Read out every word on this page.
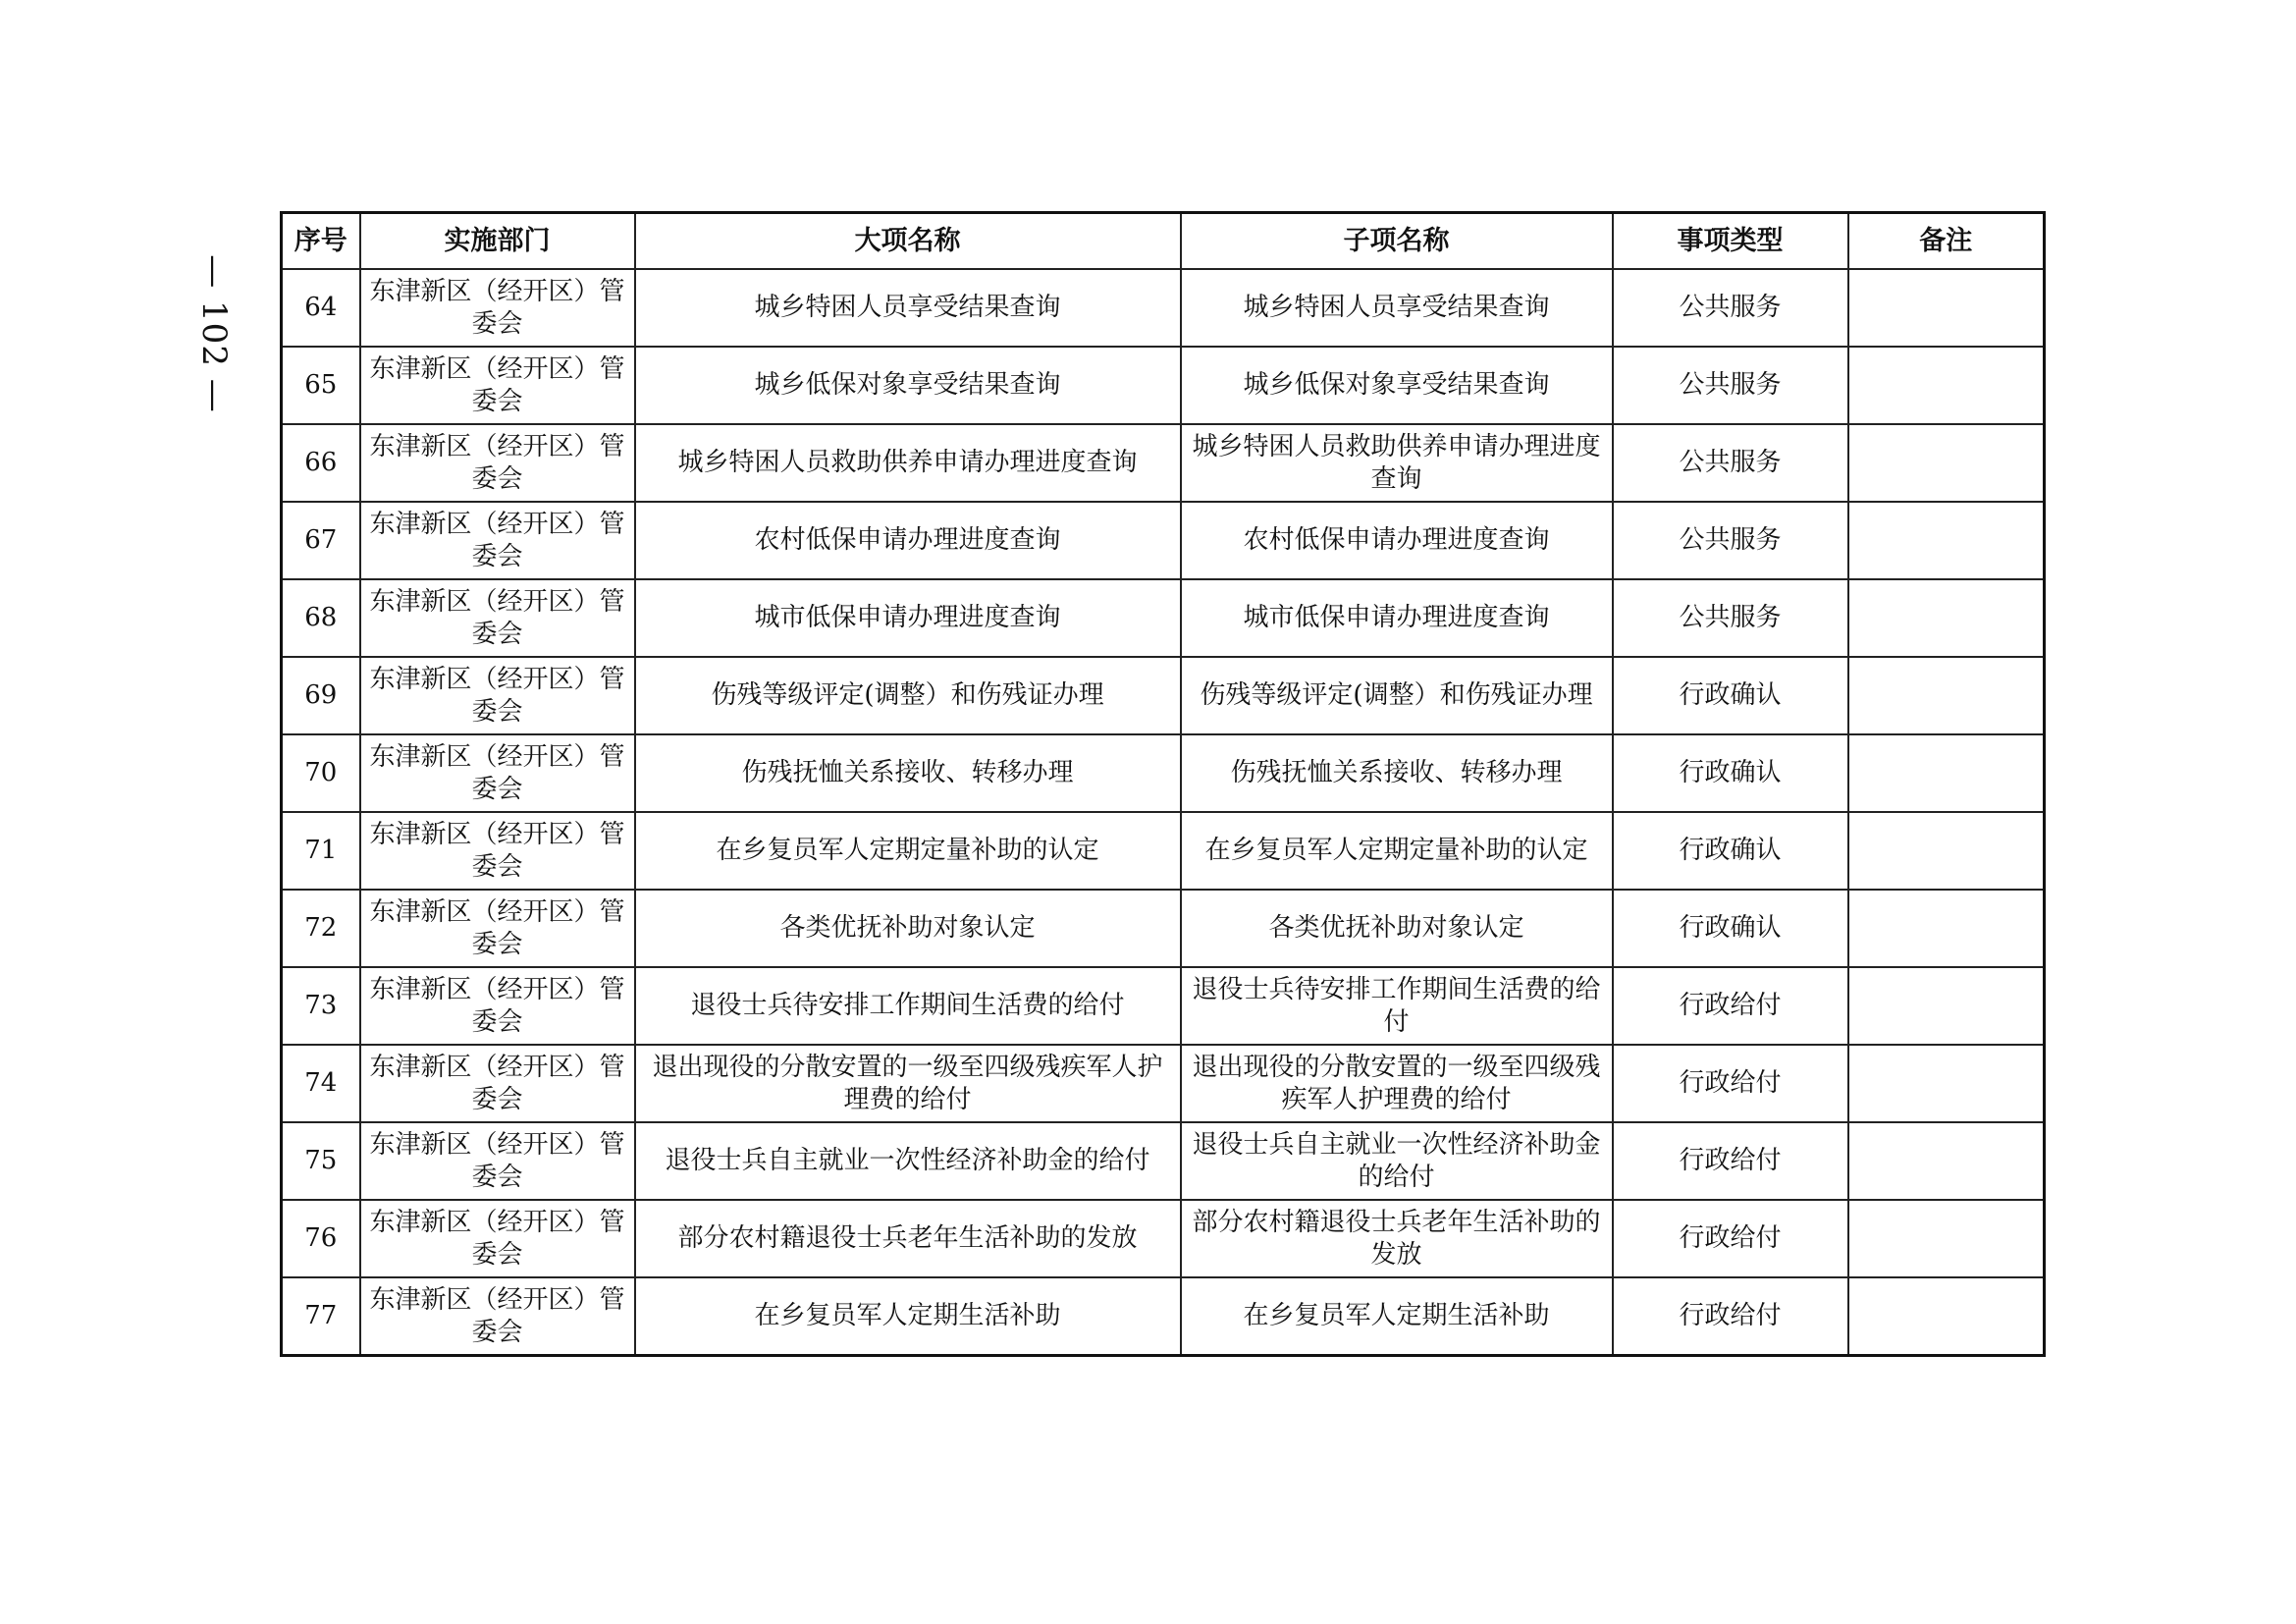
— 102 —
序号	实施部门	大项名称	子项名称	事项类型	备注
64	东津新区（经开区）管委会	城乡特困人员享受结果查询	城乡特困人员享受结果查询	公共服务	
65	东津新区（经开区）管委会	城乡低保对象享受结果查询	城乡低保对象享受结果查询	公共服务	
66	东津新区（经开区）管委会	城乡特困人员救助供养申请办理进度查询	城乡特困人员救助供养申请办理进度查询	公共服务	
67	东津新区（经开区）管委会	农村低保申请办理进度查询	农村低保申请办理进度查询	公共服务	
68	东津新区（经开区）管委会	城市低保申请办理进度查询	城市低保申请办理进度查询	公共服务	
69	东津新区（经开区）管委会	伤残等级评定(调整）和伤残证办理	伤残等级评定(调整）和伤残证办理	行政确认	
70	东津新区（经开区）管委会	伤残抚恤关系接收、转移办理	伤残抚恤关系接收、转移办理	行政确认	
71	东津新区（经开区）管委会	在乡复员军人定期定量补助的认定	在乡复员军人定期定量补助的认定	行政确认	
72	东津新区（经开区）管委会	各类优抚补助对象认定	各类优抚补助对象认定	行政确认	
73	东津新区（经开区）管委会	退役士兵待安排工作期间生活费的给付	退役士兵待安排工作期间生活费的给付	行政给付	
74	东津新区（经开区）管委会	退出现役的分散安置的一级至四级残疾军人护理费的给付	退出现役的分散安置的一级至四级残疾军人护理费的给付	行政给付	
75	东津新区（经开区）管委会	退役士兵自主就业一次性经济补助金的给付	退役士兵自主就业一次性经济补助金的给付	行政给付	
76	东津新区（经开区）管委会	部分农村籍退役士兵老年生活补助的发放	部分农村籍退役士兵老年生活补助的发放	行政给付	
77	东津新区（经开区）管委会	在乡复员军人定期生活补助	在乡复员军人定期生活补助	行政给付	
